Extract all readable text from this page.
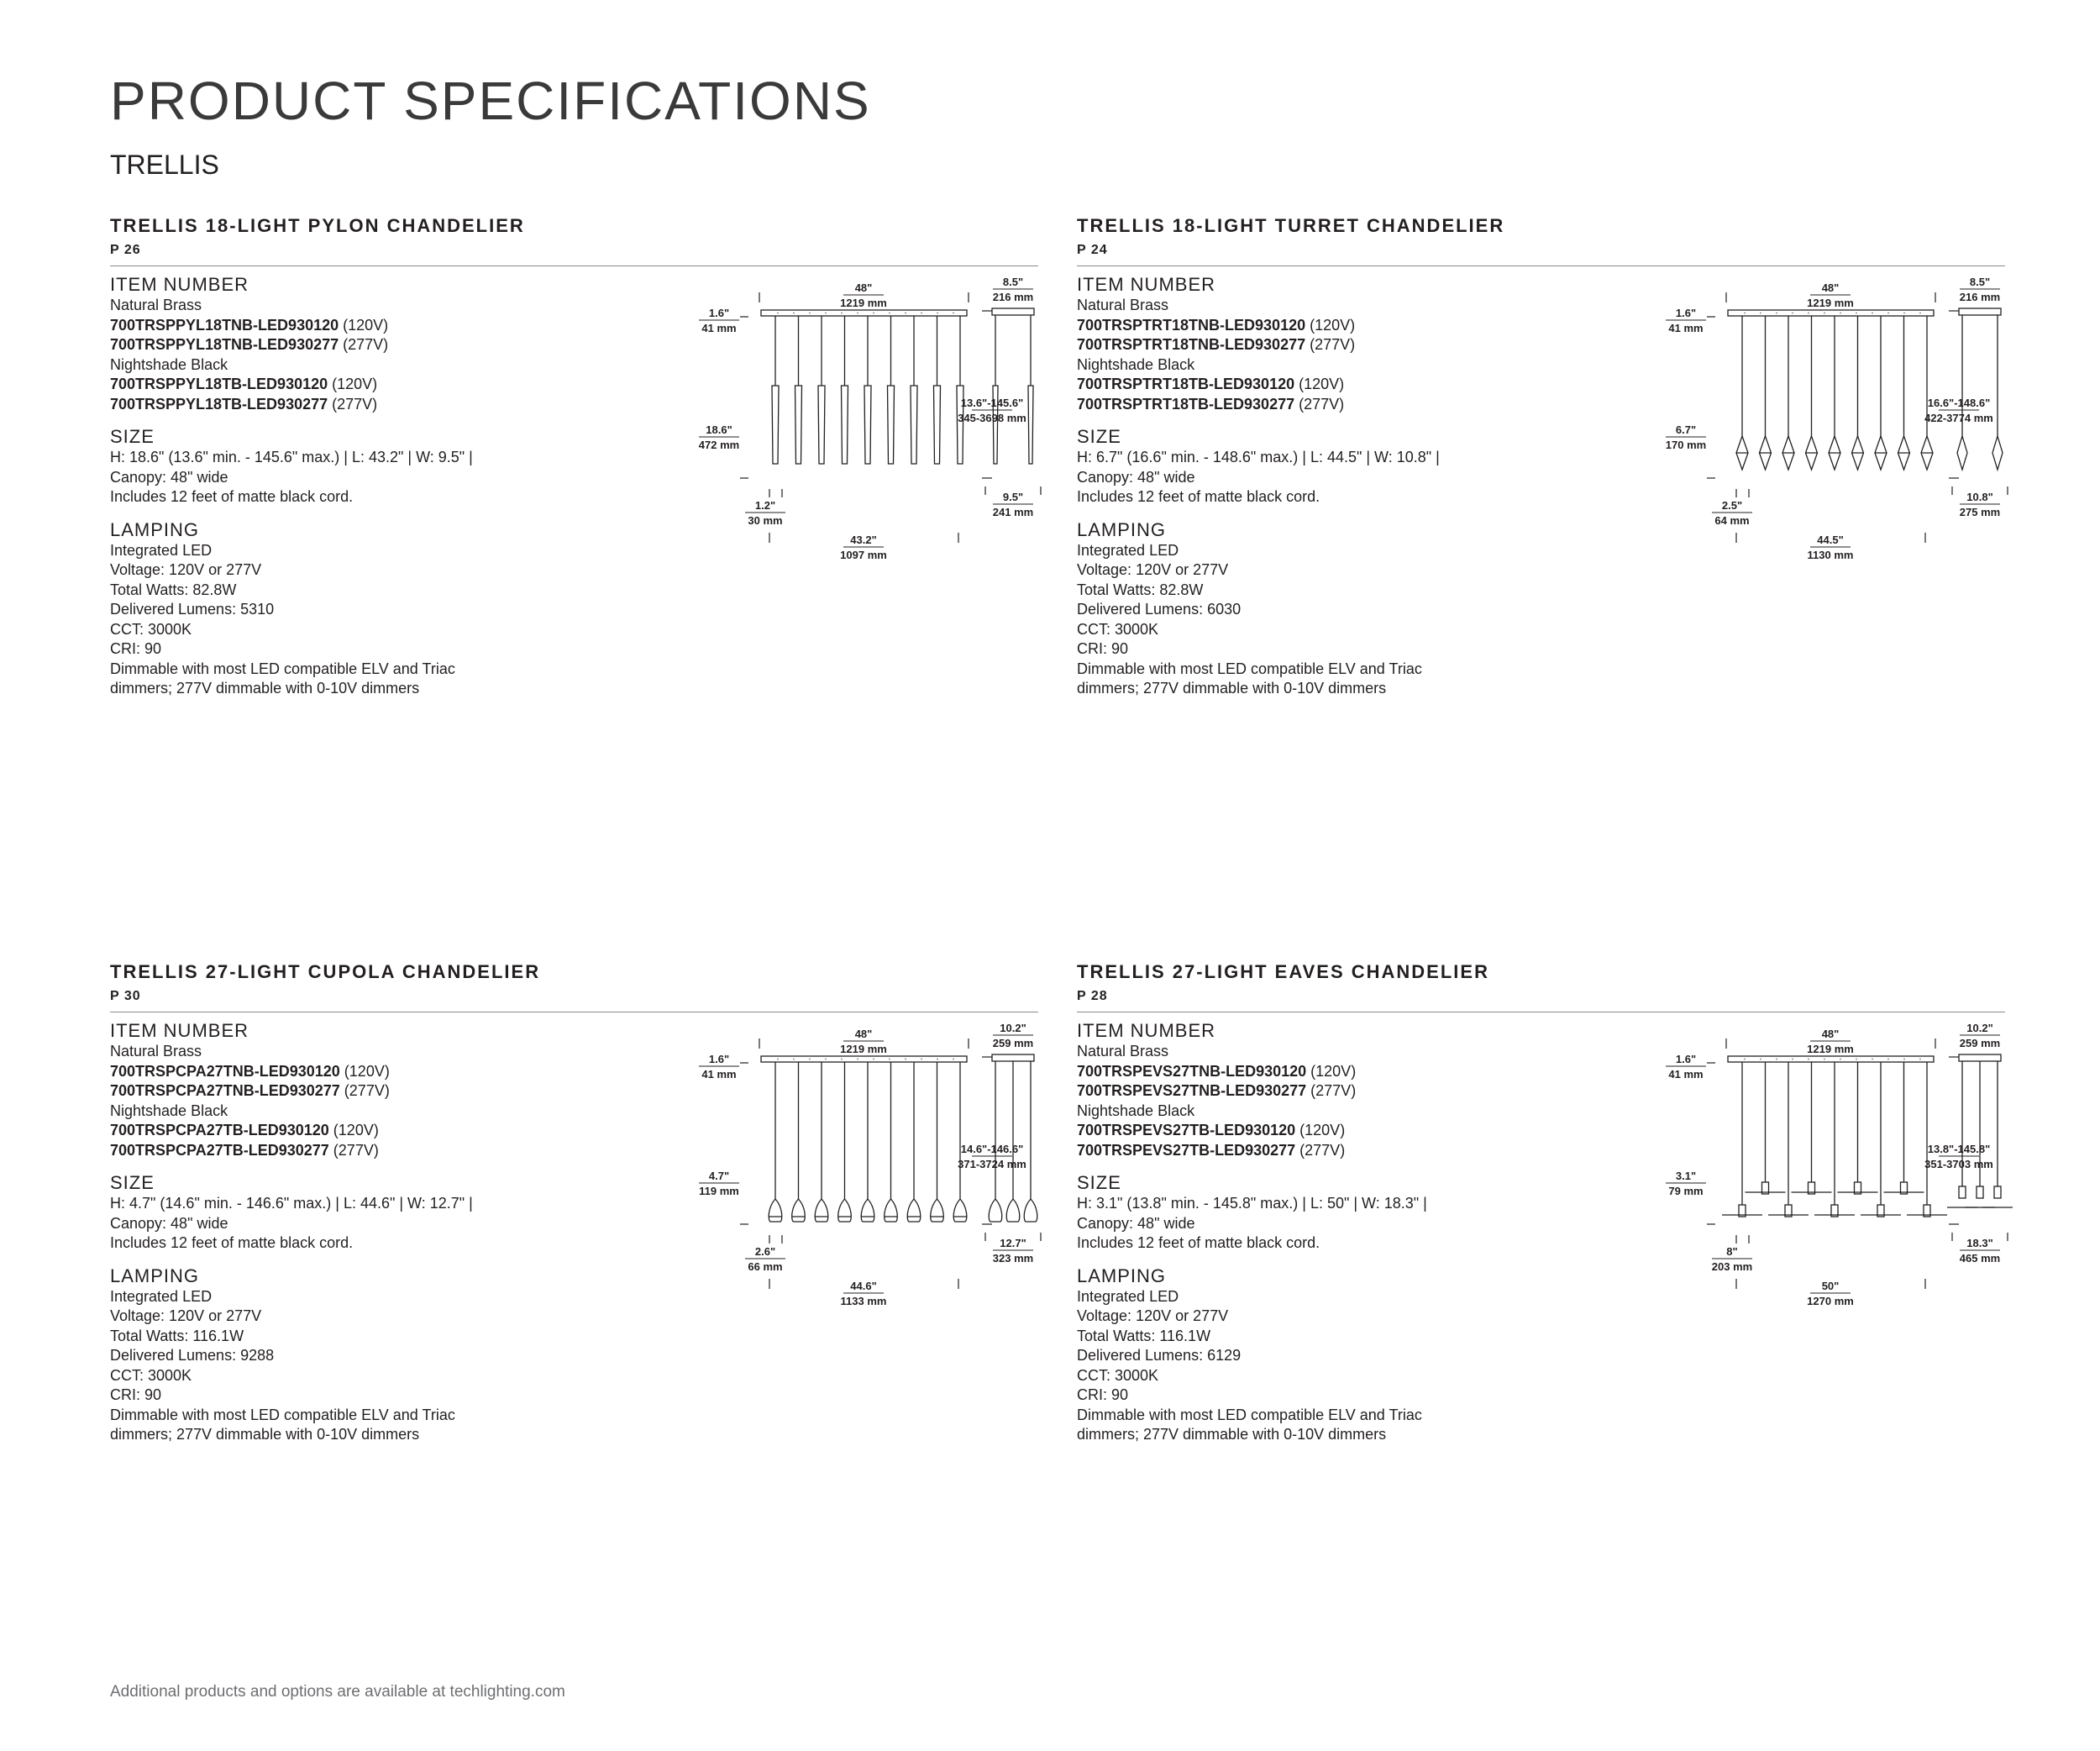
PRODUCT SPECIFICATIONS
TRELLIS
TRELLIS 18-LIGHT PYLON CHANDELIER
P 26
ITEM NUMBER
Natural Brass
700TRSPPYL18TNB-LED930120 (120V)
700TRSPPYL18TNB-LED930277 (277V)
Nightshade Black
700TRSPPYL18TB-LED930120 (120V)
700TRSPPYL18TB-LED930277 (277V)
SIZE
H: 18.6" (13.6" min. - 145.6" max.) | L: 43.2" | W: 9.5" |
Canopy: 48" wide
Includes 12 feet of matte black cord.
LAMPING
Integrated LED
Voltage: 120V or 277V
Total Watts: 82.8W
Delivered Lumens: 5310
CCT: 3000K
CRI: 90
Dimmable with most LED compatible ELV and Triac
dimmers; 277V dimmable with 0-10V dimmers
48"
1219 mm
1.6"
41 mm
13.6"-145.6"
345-3698 mm
18.6"
472 mm
1.2"
30 mm
43.2"
1097 mm
8.5"
216 mm
9.5"
241 mm
TRELLIS 18-LIGHT TURRET CHANDELIER
P 24
ITEM NUMBER
Natural Brass
700TRSPTRT18TNB-LED930120 (120V)
700TRSPTRT18TNB-LED930277 (277V)
Nightshade Black
700TRSPTRT18TB-LED930120 (120V)
700TRSPTRT18TB-LED930277 (277V)
SIZE
H: 6.7" (16.6" min. - 148.6" max.) | L: 44.5" | W: 10.8" |
Canopy: 48" wide
Includes 12 feet of matte black cord.
LAMPING
Integrated LED
Voltage: 120V or 277V
Total Watts: 82.8W
Delivered Lumens: 6030
CCT: 3000K
CRI: 90
Dimmable with most LED compatible ELV and Triac
dimmers; 277V dimmable with 0-10V dimmers
48"
1219 mm
1.6"
41 mm
16.6"-148.6"
422-3774 mm
6.7"
170 mm
2.5"
64 mm
44.5"
1130 mm
8.5"
216 mm
10.8"
275 mm
TRELLIS 27-LIGHT CUPOLA CHANDELIER
P 30
ITEM NUMBER
Natural Brass
700TRSPCPA27TNB-LED930120 (120V)
700TRSPCPA27TNB-LED930277 (277V)
Nightshade Black
700TRSPCPA27TB-LED930120 (120V)
700TRSPCPA27TB-LED930277 (277V)
SIZE
H: 4.7" (14.6" min. - 146.6" max.) | L: 44.6" | W: 12.7" |
Canopy: 48" wide
Includes 12 feet of matte black cord.
LAMPING
Integrated LED
Voltage: 120V or 277V
Total Watts: 116.1W
Delivered Lumens: 9288
CCT: 3000K
CRI: 90
Dimmable with most LED compatible ELV and Triac
dimmers; 277V dimmable with 0-10V dimmers
48"
1219 mm
1.6"
41 mm
14.6"-146.6"
371-3724 mm
4.7"
119 mm
2.6"
66 mm
44.6"
1133 mm
10.2"
259 mm
12.7"
323 mm
TRELLIS 27-LIGHT EAVES CHANDELIER
P 28
ITEM NUMBER
Natural Brass
700TRSPEVS27TNB-LED930120 (120V)
700TRSPEVS27TNB-LED930277 (277V)
Nightshade Black
700TRSPEVS27TB-LED930120 (120V)
700TRSPEVS27TB-LED930277 (277V)
SIZE
H: 3.1" (13.8" min. - 145.8" max.) | L: 50" | W: 18.3" |
Canopy: 48" wide
Includes 12 feet of matte black cord.
LAMPING
Integrated LED
Voltage: 120V or 277V
Total Watts: 116.1W
Delivered Lumens: 6129
CCT: 3000K
CRI: 90
Dimmable with most LED compatible ELV and Triac
dimmers; 277V dimmable with 0-10V dimmers
48"
1219 mm
1.6"
41 mm
13.8"-145.8"
351-3703 mm
3.1"
79 mm
8"
203 mm
50"
1270 mm
10.2"
259 mm
18.3"
465 mm
Additional products and options are available at techlighting.com
